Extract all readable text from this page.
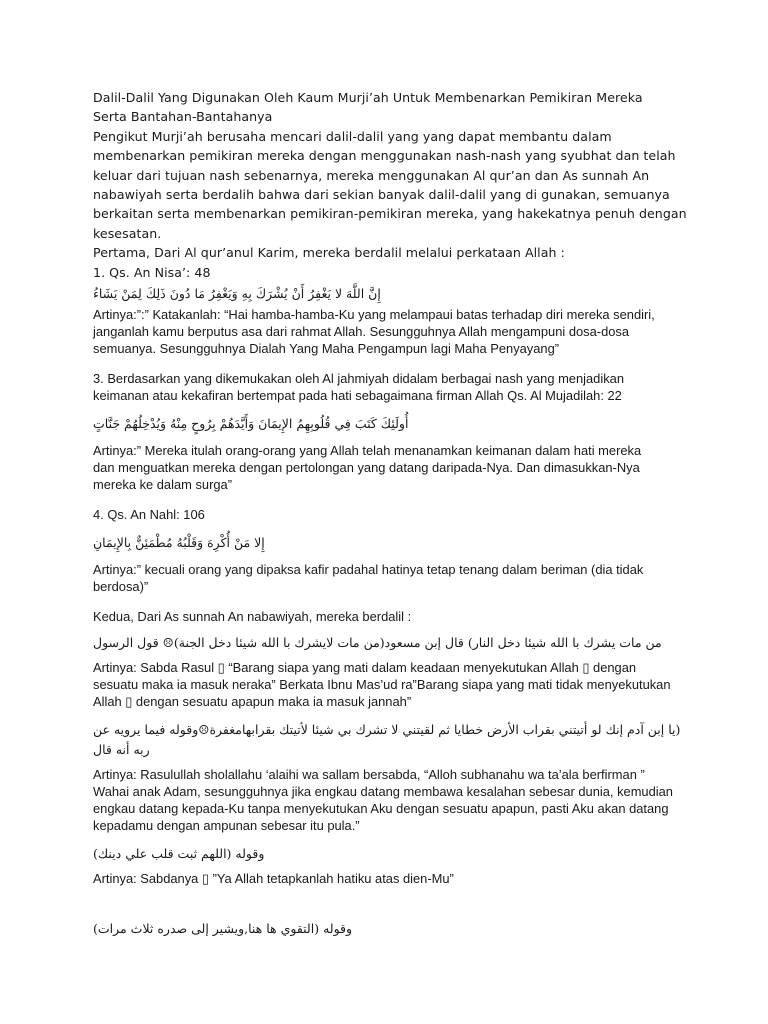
Dalil-Dalil Yang Digunakan Oleh Kaum Murji’ah Untuk Membenarkan Pemikiran Mereka

Serta Bantahan-Bantahanya

Pengikut Murji’ah berusaha mencari dalil-dalil yang yang dapat membantu dalam

membenarkan pemikiran mereka dengan menggunakan nash-nash yang syubhat dan telah

keluar dari tujuan nash sebenarnya, mereka menggunakan Al qur’an dan As sunnah An

nabawiyah serta berdalih bahwa dari sekian banyak dalil-dalil yang di gunakan, semuanya

berkaitan serta membenarkan pemikiran-pemikiran mereka, yang hakekatnya penuh dengan

kesesatan.

Pertama, Dari Al qur’anul Karim, mereka berdalil melalui perkataan Allah :

1. Qs. An Nisa’: 48

إِنَّ اللَّهَ لا يَغْفِرُ أَنْ يُشْرَكَ بِهِ وَيَغْفِرُ مَا دُونَ ذَلِكَ لِمَنْ يَشَاءُ

Artinya:”:” Katakanlah: “Hai hamba-hamba-Ku yang melampaui batas terhadap diri mereka sendiri,

janganlah kamu berputus asa dari rahmat Allah. Sesungguhnya Allah mengampuni dosa-dosa

semuanya. Sesungguhnya Dialah Yang Maha Pengampun lagi Maha Penyayang”

3. Berdasarkan yang dikemukakan oleh Al jahmiyah didalam berbagai nash yang menjadikan

keimanan atau kekafiran bertempat pada hati sebagaimana firman Allah Qs. Al Mujadilah: 22

أُولَئِكَ كَتَبَ فِي قُلُوبِهِمُ الإِيمَانَ وَأَيَّدَهُمْ بِرُوحٍ مِنْهُ وَيُدْخِلُهُمْ جَنَّاتٍ

Artinya:” Mereka itulah orang-orang yang Allah telah menanamkan keimanan dalam hati mereka

dan menguatkan mereka dengan pertolongan yang datang daripada-Nya. Dan dimasukkan-Nya

mereka ke dalam surga”

4. Qs. An Nahl: 106

إِلا مَنْ أُكْرِهَ وَقَلْبُهُ مُطْمَئِنٌّ بِالإِيمَانِ

Artinya:” kecuali orang yang dipaksa kafir padahal hatinya tetap tenang dalam beriman (dia tidak

berdosa)”

Kedua, Dari As sunnah An nabawiyah, mereka berdalil :

من مات يشرك با الله شيئا دخل النار) قال إبن مسعود(من مات لايشرك با الله شيئا دخل الجنة)☹ قول الرسول

Artinya: Sabda Rasul ▯ “Barang siapa yang mati dalam keadaan menyekutukan Allah ▯ dengan

sesuatu maka ia masuk neraka” Berkata Ibnu Mas’ud ra”Barang siapa yang mati tidak menyekutukan

Allah ▯ dengan sesuatu apapun maka ia masuk jannah”

(يا إبن آدم إنك لو أتيتني بقراب الأرض خطايا ثم لقيتني لا تشرك بي شيئا لأتيتك بقرابهامغفرة☹وقوله فيما يرويه عن ربه أنه قال

Artinya: Rasulullah sholallahu ‘alaihi wa sallam bersabda, “Alloh subhanahu wa ta’ala berfirman ”

Wahai anak Adam, sesungguhnya jika engkau datang membawa kesalahan sebesar dunia, kemudian

engkau datang kepada-Ku tanpa menyekutukan Aku dengan sesuatu apapun, pasti Aku akan datang

kepadamu dengan ampunan sebesar itu pula.”

وقوله (اللهم ثبت قلب علي دينك)

Artinya: Sabdanya ▯ ”Ya Allah tetapkanlah hatiku atas dien-Mu”

وقوله (التقوي ها هنا,ويشير إلى صدره ثلاث مرات)
